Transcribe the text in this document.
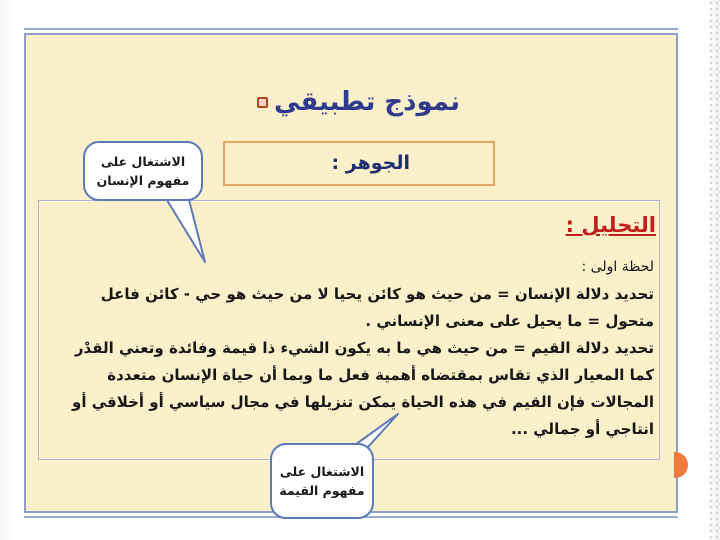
نموذج تطبيقي
الجوهر :
التحليل :
لحظة اولى :
تحديد دلالة الإنسان = من حيث هو كائن يحيا لا من حيث هو حي - كائن فاعل
متحول = ما يحيل على معنى الإنساني .
تحديد دلالة القيم = من حيث هي ما به يكون الشيء ذا قيمة وفائدة وتعني القدْر
كما المعيار الذي تقاس بمقتضاه أهمية فعل ما وبما أن حياة الإنسان متعددة
المجالات فإن القيم في هذه الحياة يمكن تنزيلها في مجال سياسي أو أخلاقي أو
انتاجي أو جمالي ...
الاشتغال على مفهوم الإنسان
الاشتغال على مفهوم القيمة
